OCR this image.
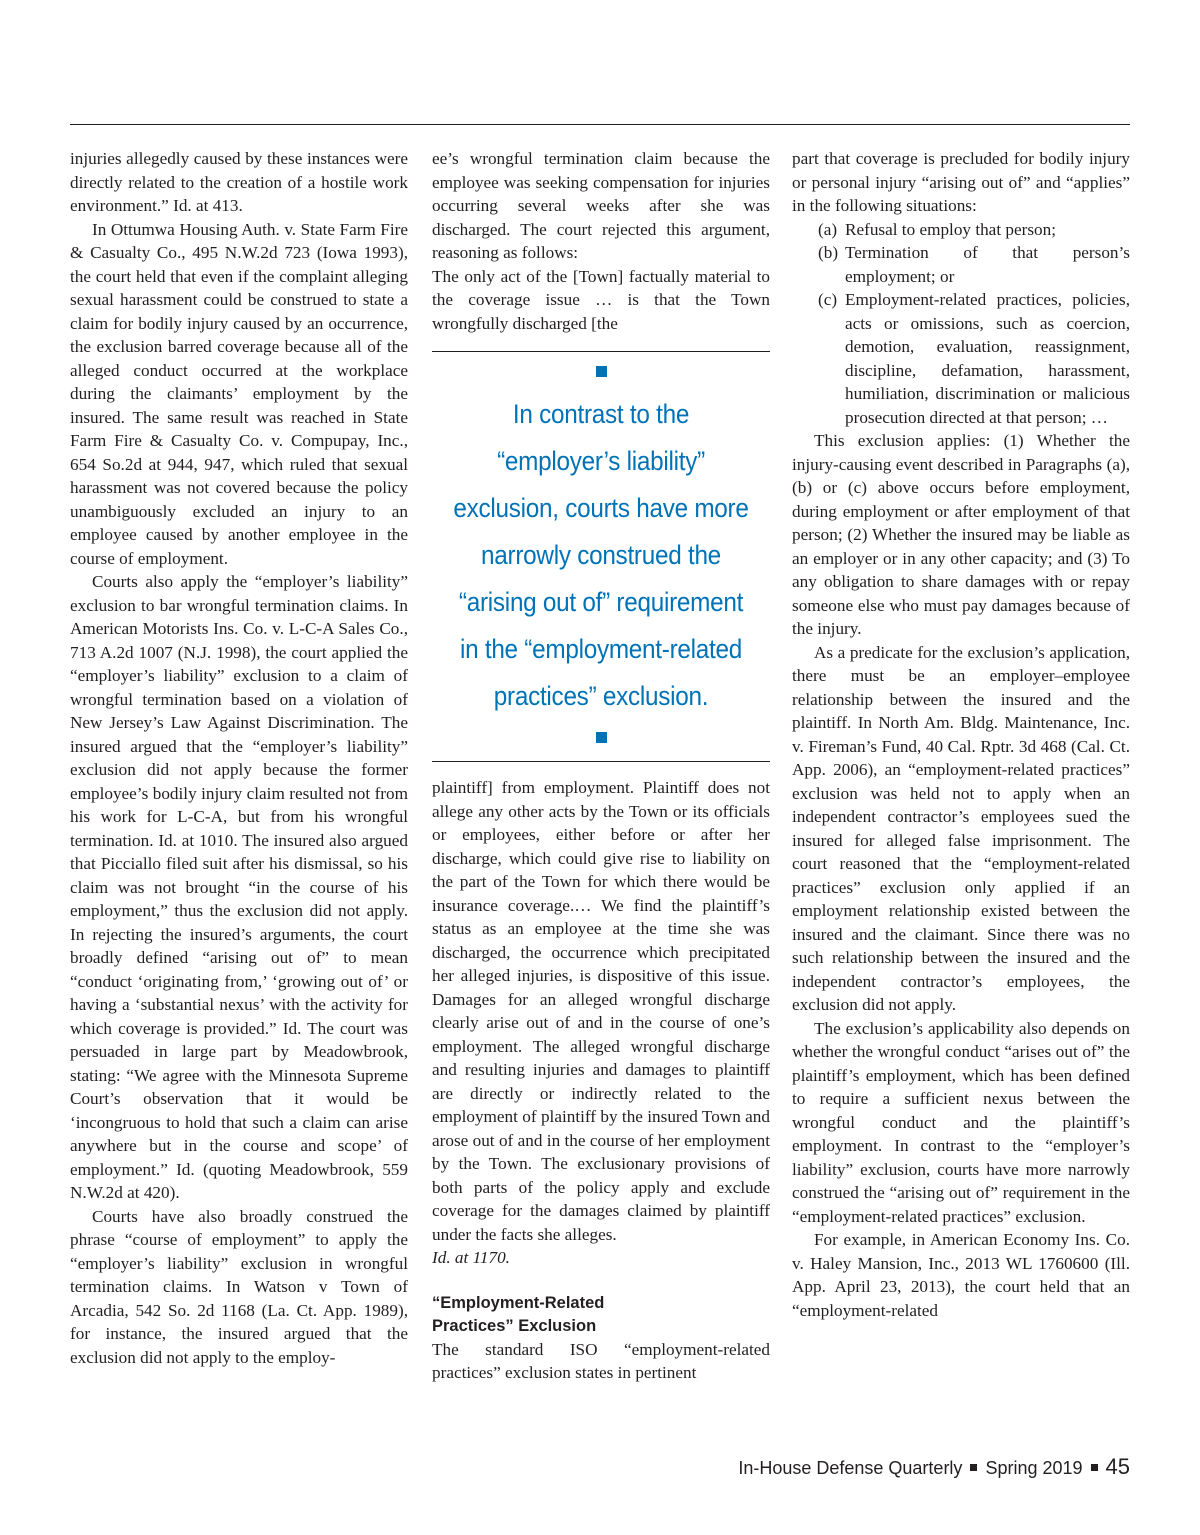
injuries allegedly caused by these instances were directly related to the creation of a hostile work environment.” Id. at 413.

In Ottumwa Housing Auth. v. State Farm Fire & Casualty Co., 495 N.W.2d 723 (Iowa 1993), the court held that even if the complaint alleging sexual harassment could be construed to state a claim for bodily injury caused by an occurrence, the exclusion barred coverage because all of the alleged conduct occurred at the workplace during the claimants’ employment by the insured. The same result was reached in State Farm Fire & Casualty Co. v. Compupay, Inc., 654 So.2d at 944, 947, which ruled that sexual harassment was not covered because the policy unambiguously excluded an injury to an employee caused by another employee in the course of employment.

Courts also apply the “employer’s liability” exclusion to bar wrongful termination claims. In American Motorists Ins. Co. v. L-C-A Sales Co., 713 A.2d 1007 (N.J. 1998), the court applied the “employer’s liability” exclusion to a claim of wrongful termination based on a violation of New Jersey’s Law Against Discrimination. The insured argued that the “employer’s liability” exclusion did not apply because the former employee’s bodily injury claim resulted not from his work for L-C-A, but from his wrongful termination. Id. at 1010. The insured also argued that Picciallo filed suit after his dismissal, so his claim was not brought “in the course of his employment,” thus the exclusion did not apply. In rejecting the insured’s arguments, the court broadly defined “arising out of” to mean “conduct ‘originating from,’ ‘growing out of’ or having a ‘substantial nexus’ with the activity for which coverage is provided.” Id. The court was persuaded in large part by Meadowbrook, stating: “We agree with the Minnesota Supreme Court’s observation that it would be ‘incongruous to hold that such a claim can arise anywhere but in the course and scope’ of employment.” Id. (quoting Meadowbrook, 559 N.W.2d at 420).

Courts have also broadly construed the phrase “course of employment” to apply the “employer’s liability” exclusion in wrongful termination claims. In Watson v Town of Arcadia, 542 So. 2d 1168 (La. Ct. App. 1989), for instance, the insured argued that the exclusion did not apply to the employ-

ee’s wrongful termination claim because the employee was seeking compensation for injuries occurring several weeks after she was discharged. The court rejected this argument, reasoning as follows:

The only act of the [Town] factually material to the coverage issue … is that the Town wrongfully discharged [the

In contrast to the “employer’s liability” exclusion, courts have more narrowly construed the “arising out of” requirement in the “employment-related practices” exclusion.

plaintiff] from employment. Plaintiff does not allege any other acts by the Town or its officials or employees, either before or after her discharge, which could give rise to liability on the part of the Town for which there would be insurance coverage.… We find the plaintiff’s status as an employee at the time she was discharged, the occurrence which precipitated her alleged injuries, is dispositive of this issue. Damages for an alleged wrongful discharge clearly arise out of and in the course of one’s employment. The alleged wrongful discharge and resulting injuries and damages to plaintiff are directly or indirectly related to the employment of plaintiff by the insured Town and arose out of and in the course of her employment by the Town. The exclusionary provisions of both parts of the policy apply and exclude coverage for the damages claimed by plaintiff under the facts she alleges.

Id. at 1170.

“Employment-Related
Practices” Exclusion

The standard ISO “employment-related practices” exclusion states in pertinent

part that coverage is precluded for bodily injury or personal injury “arising out of” and “applies” in the following situations:

(a) Refusal to employ that person;
(b) Termination of that person’s employment; or
(c) Employment-related practices, policies, acts or omissions, such as coercion, demotion, evaluation, reassignment, discipline, defamation, harassment, humiliation, discrimination or malicious prosecution directed at that person; …

This exclusion applies: (1) Whether the injury-causing event described in Paragraphs (a), (b) or (c) above occurs before employment, during employment or after employment of that person; (2) Whether the insured may be liable as an employer or in any other capacity; and (3) To any obligation to share damages with or repay someone else who must pay damages because of the injury.

As a predicate for the exclusion’s application, there must be an employer–employee relationship between the insured and the plaintiff. In North Am. Bldg. Maintenance, Inc. v. Fireman’s Fund, 40 Cal. Rptr. 3d 468 (Cal. Ct. App. 2006), an “employment-related practices” exclusion was held not to apply when an independent contractor’s employees sued the insured for alleged false imprisonment. The court reasoned that the “employment-related practices” exclusion only applied if an employment relationship existed between the insured and the claimant. Since there was no such relationship between the insured and the independent contractor’s employees, the exclusion did not apply.

The exclusion’s applicability also depends on whether the wrongful conduct “arises out of” the plaintiff’s employment, which has been defined to require a sufficient nexus between the wrongful conduct and the plaintiff’s employment. In contrast to the “employer’s liability” exclusion, courts have more narrowly construed the “arising out of” requirement in the “employment-related practices” exclusion.

For example, in American Economy Ins. Co. v. Haley Mansion, Inc., 2013 WL 1760600 (Ill. App. April 23, 2013), the court held that an “employment-related

In-House Defense Quarterly Spring 2019 45
